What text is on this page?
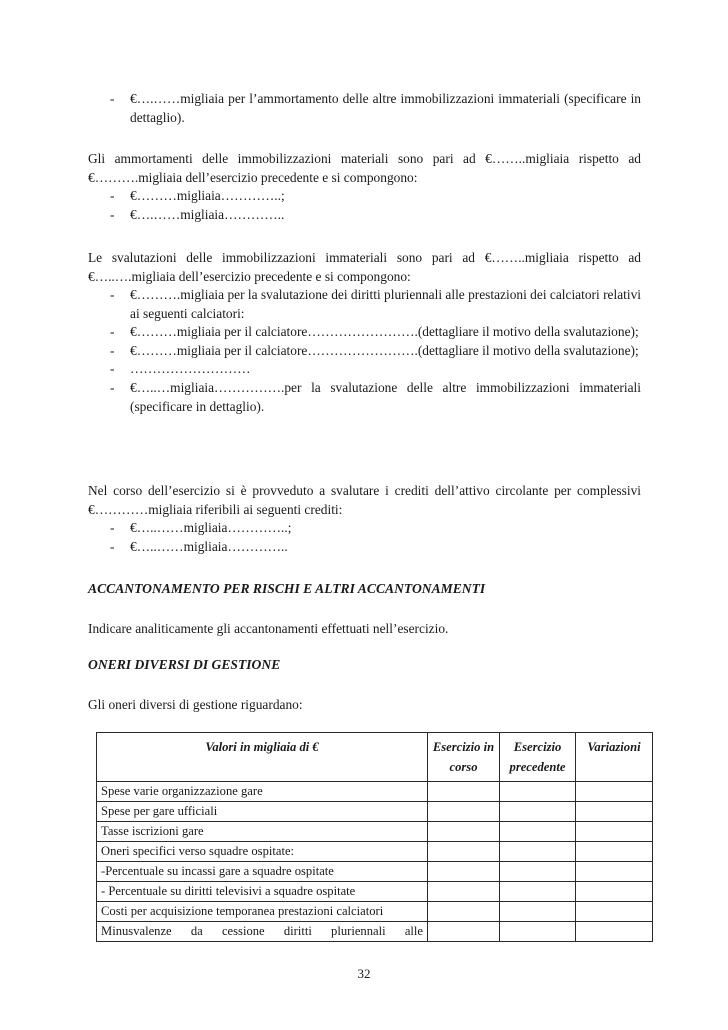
- €….……migliaia per l’ammortamento delle altre immobilizzazioni immateriali (specificare in dettaglio).
Gli ammortamenti delle immobilizzazioni materiali sono pari ad €……..migliaia rispetto ad €……….migliaia dell’esercizio precedente e si compongono:
- €………migliaia…………..;
- €….……migliaia…………..
Le svalutazioni delle immobilizzazioni immateriali sono pari ad €……..migliaia rispetto ad €…..….migliaia dell’esercizio precedente e si compongono:
- €……….migliaia per la svalutazione dei diritti pluriennali alle prestazioni dei calciatori relativi ai seguenti calciatori:
- €………migliaia per il calciatore…………………….(dettagliare il motivo della svalutazione);
- €………migliaia per il calciatore…………………….(dettagliare il motivo della svalutazione);
- ………………………
- €…..…migliaia…………….per la svalutazione delle altre immobilizzazioni immateriali (specificare in dettaglio).
Nel corso dell’esercizio si è provveduto a svalutare i crediti dell’attivo circolante per complessivi €…………migliaia riferibili ai seguenti crediti:
- €…..……migliaia…………..;
- €…..……migliaia…………..
ACCANTONAMENTO PER RISCHI E ALTRI ACCANTONAMENTI
Indicare analiticamente gli accantonamenti effettuati nell’esercizio.
ONERI DIVERSI DI GESTIONE
Gli oneri diversi di gestione riguardano:
Valori in migliaia di €	Esercizio in corso	Esercizio precedente	Variazioni
Spese varie organizzazione gare			
Spese per gare ufficiali			
Tasse iscrizioni gare			
Oneri specifici verso squadre ospitate:			
-Percentuale su incassi gare a squadre ospitate			
- Percentuale su diritti televisivi a squadre ospitate			
Costi per acquisizione temporanea prestazioni calciatori			
Minusvalenze da cessione diritti pluriennali alle			
32
